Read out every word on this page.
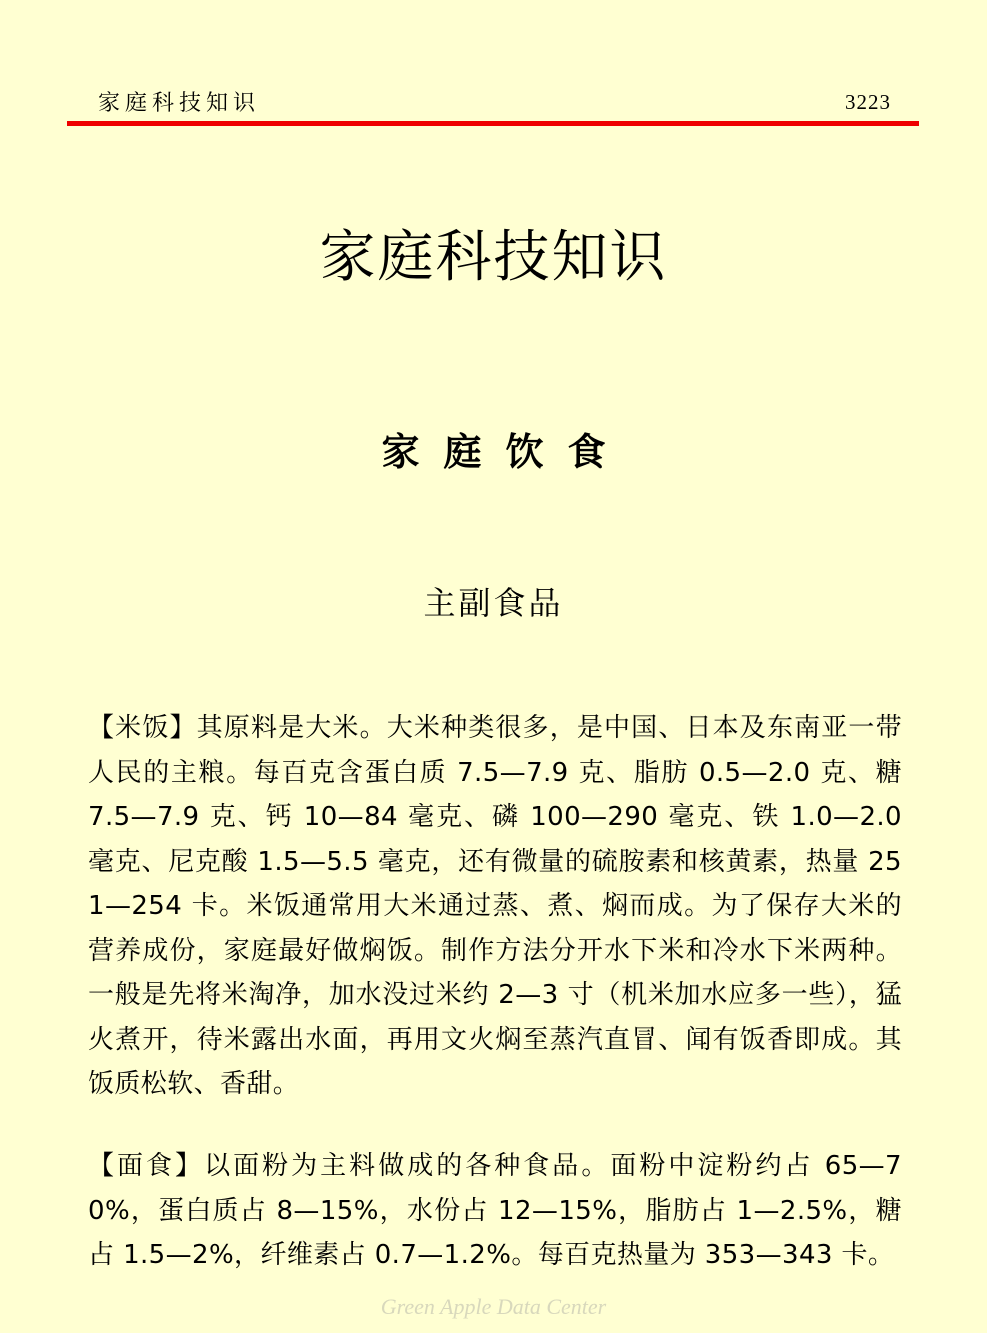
家庭科技知识	3223
家庭科技知识
家庭饮食
主副食品
【米饭】其原料是大米。大米种类很多，是中国、日本及东南亚一带人民的主粮。每百克含蛋白质 7.5—7.9 克、脂肪 0.5—2.0 克、糖 7.5—7.9 克、钙 10—84 毫克、磷 100—290 毫克、铁 1.0—2.0 毫克、尼克酸 1.5—5.5 毫克，还有微量的硫胺素和核黄素，热量 251—254 卡。米饭通常用大米通过蒸、煮、焖而成。为了保存大米的营养成份，家庭最好做焖饭。制作方法分开水下米和冷水下米两种。一般是先将米淘净，加水没过米约 2—3 寸（机米加水应多一些），猛火煮开，待米露出水面，再用文火焖至蒸汽直冒、闻有饭香即成。其饭质松软、香甜。
【面食】以面粉为主料做成的各种食品。面粉中淀粉约占 65—70%，蛋白质占 8—15%，水份占 12—15%，脂肪占 1—2.5%，糖占 1.5—2%，纤维素占 0.7—1.2%。每百克热量为 353—343 卡。
Green Apple Data Center
